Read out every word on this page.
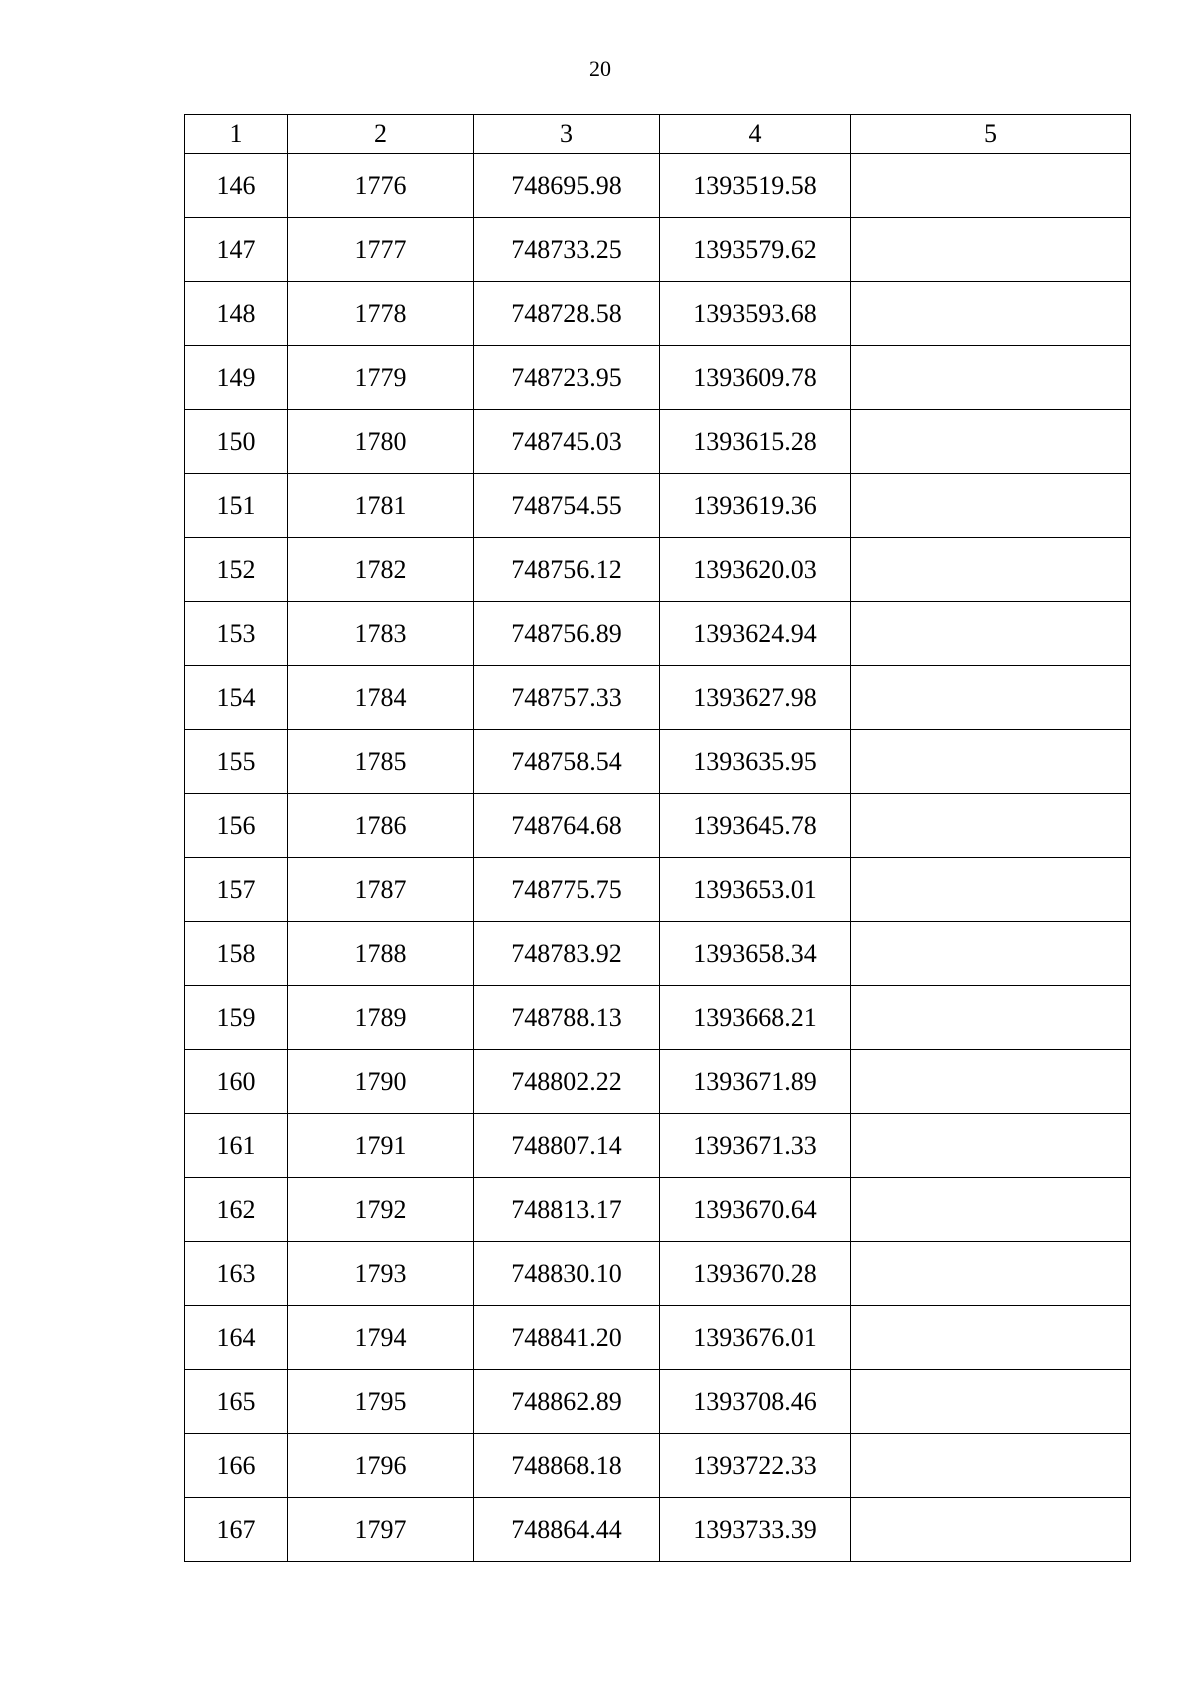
20
1	2	3	4	5
146	1776	748695.98	1393519.58	
147	1777	748733.25	1393579.62	
148	1778	748728.58	1393593.68	
149	1779	748723.95	1393609.78	
150	1780	748745.03	1393615.28	
151	1781	748754.55	1393619.36	
152	1782	748756.12	1393620.03	
153	1783	748756.89	1393624.94	
154	1784	748757.33	1393627.98	
155	1785	748758.54	1393635.95	
156	1786	748764.68	1393645.78	
157	1787	748775.75	1393653.01	
158	1788	748783.92	1393658.34	
159	1789	748788.13	1393668.21	
160	1790	748802.22	1393671.89	
161	1791	748807.14	1393671.33	
162	1792	748813.17	1393670.64	
163	1793	748830.10	1393670.28	
164	1794	748841.20	1393676.01	
165	1795	748862.89	1393708.46	
166	1796	748868.18	1393722.33	
167	1797	748864.44	1393733.39	
